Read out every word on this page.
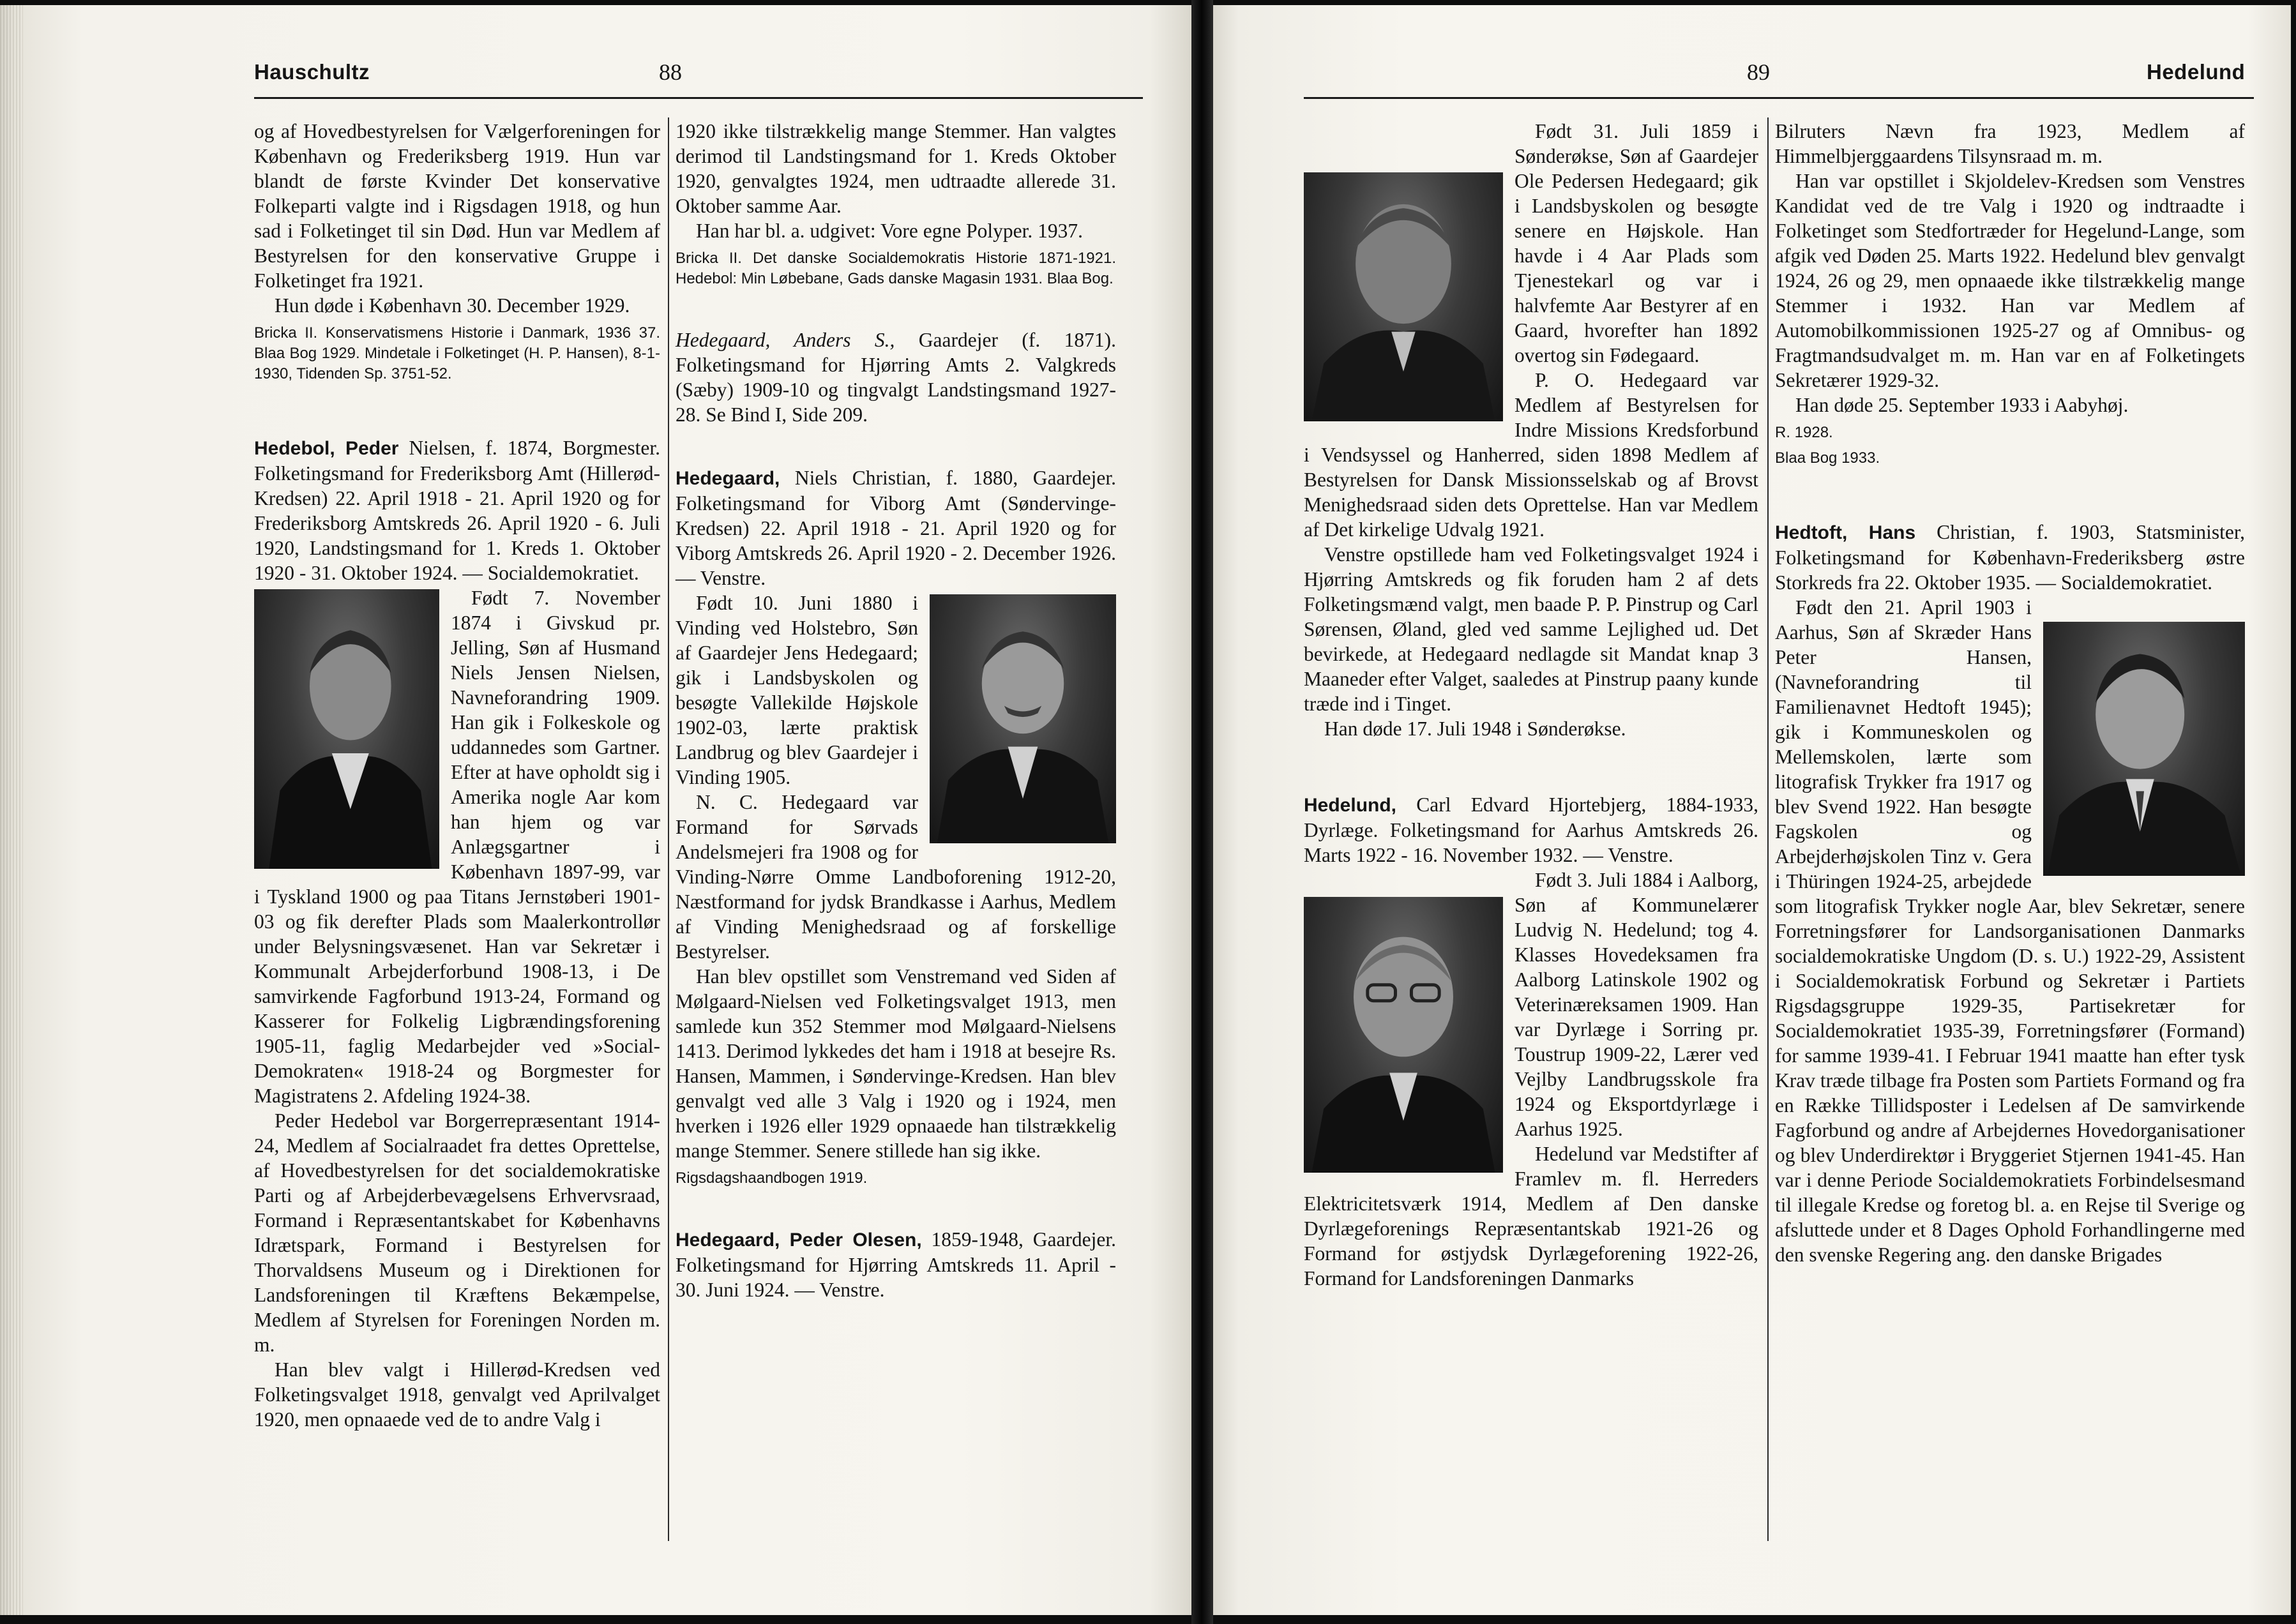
Hauschultz	88

og af Hovedbestyrelsen for Vælgerforeningen for København og Frederiksberg 1919. Hun var blandt de første Kvinder Det konservative Folkeparti valgte ind i Rigsdagen 1918, og hun sad i Folketinget til sin Død. Hun var Medlem af Bestyrelsen for den konservative Gruppe i Folketinget fra 1921.

Hun døde i København 30. December 1929.

Bricka II. Konservatismens Historie i Danmark, 1936 37. Blaa Bog 1929. Mindetale i Folketinget (H. P. Hansen), 8-1-1930, Tidenden Sp. 3751-52.

Hedebol, Peder Nielsen, f. 1874, Borgmester. Folketingsmand for Frederiksborg Amt (Hillerød-Kredsen) 22. April 1918 - 21. April 1920 og for Frederiksborg Amtskreds 26. April 1920 - 6. Juli 1920, Landstingsmand for 1. Kreds 1. Oktober 1920 - 31. Oktober 1924. — Socialdemokratiet.

Født 7. November 1874 i Givskud pr. Jelling, Søn af Husmand Niels Jensen Nielsen, Navneforandring 1909. Han gik i Folkeskole og uddannedes som Gartner. Efter at have opholdt sig i Amerika nogle Aar kom han hjem og var Anlægsgartner i København 1897-99, var i Tyskland 1900 og paa Titans Jernstøberi 1901-03 og fik derefter Plads som Maalerkontrollør under Belysningsvæsenet. Han var Sekretær i Kommunalt Arbejderforbund 1908-13, i De samvirkende Fagforbund 1913-24, Formand og Kasserer for Folkelig Ligbrændingsforening 1905-11, faglig Medarbejder ved »Social-Demokraten« 1918-24 og Borgmester for Magistratens 2. Afdeling 1924-38.

Peder Hedebol var Borgerrepræsentant 1914-24, Medlem af Socialraadet fra dettes Oprettelse, af Hovedbestyrelsen for det socialdemokratiske Parti og af Arbejderbevægelsens Erhvervsraad, Formand i Repræsentantskabet for Københavns Idrætspark, Formand i Bestyrelsen for Thorvaldsens Museum og i Direktionen for Landsforeningen til Kræftens Bekæmpelse, Medlem af Styrelsen for Foreningen Norden m. m.

Han blev valgt i Hillerød-Kredsen ved Folketingsvalget 1918, genvalgt ved Aprilvalget 1920, men opnaaede ved de to andre Valg i

1920 ikke tilstrækkelig mange Stemmer. Han valgtes derimod til Landstingsmand for 1. Kreds Oktober 1920, genvalgtes 1924, men udtraadte allerede 31. Oktober samme Aar.

Han har bl. a. udgivet: Vore egne Polyper. 1937.

Bricka II. Det danske Socialdemokratis Historie 1871-1921. Hedebol: Min Løbebane, Gads danske Magasin 1931. Blaa Bog.

Hedegaard, Anders S., Gaardejer (f. 1871). Folketingsmand for Hjørring Amts 2. Valgkreds (Sæby) 1909-10 og tingvalgt Landstingsmand 1927-28. Se Bind I, Side 209.

Hedegaard, Niels Christian, f. 1880, Gaardejer. Folketingsmand for Viborg Amt (Søndervinge-Kredsen) 22. April 1918 - 21. April 1920 og for Viborg Amtskreds 26. April 1920 - 2. December 1926. — Venstre.

Født 10. Juni 1880 i Vinding ved Holstebro, Søn af Gaardejer Jens Hedegaard; gik i Landsbyskolen og besøgte Vallekilde Højskole 1902-03, lærte praktisk Landbrug og blev Gaardejer i Vinding 1905.

N. C. Hedegaard var Formand for Sørvads Andelsmejeri fra 1908 og for Vinding-Nørre Omme Landboforening 1912-20, Næstformand for jydsk Brandkasse i Aarhus, Medlem af Vinding Menighedsraad og af forskellige Bestyrelser.

Han blev opstillet som Venstremand ved Siden af Mølgaard-Nielsen ved Folketingsvalget 1913, men samlede kun 352 Stemmer mod Mølgaard-Nielsens 1413. Derimod lykkedes det ham i 1918 at besejre Rs. Hansen, Mammen, i Søndervinge-Kredsen. Han blev genvalgt ved alle 3 Valg i 1920 og i 1924, men hverken i 1926 eller 1929 opnaaede han tilstrækkelig mange Stemmer. Senere stillede han sig ikke.

Rigsdagshaandbogen 1919.

Hedegaard, Peder Olesen, 1859-1948, Gaardejer. Folketingsmand for Hjørring Amtskreds 11. April - 30. Juni 1924. — Venstre.

89	Hedelund

Født 31. Juli 1859 i Sønderøkse, Søn af Gaardejer Ole Pedersen Hedegaard; gik i Landsbyskolen og besøgte senere en Højskole. Han havde i 4 Aar Plads som Tjenestekarl og var i halvfemte Aar Bestyrer af en Gaard, hvorefter han 1892 overtog sin Fødegaard.

P. O. Hedegaard var Medlem af Bestyrelsen for Indre Missions Kredsforbund i Vendsyssel og Hanherred, siden 1898 Medlem af Bestyrelsen for Dansk Missionsselskab og af Brovst Menighedsraad siden dets Oprettelse. Han var Medlem af Det kirkelige Udvalg 1921.

Venstre opstillede ham ved Folketingsvalget 1924 i Hjørring Amtskreds og fik foruden ham 2 af dets Folketingsmænd valgt, men baade P. P. Pinstrup og Carl Sørensen, Øland, gled ved samme Lejlighed ud. Det bevirkede, at Hedegaard nedlagde sit Mandat knap 3 Maaneder efter Valget, saaledes at Pinstrup paany kunde træde ind i Tinget.

Han døde 17. Juli 1948 i Sønderøkse.

Hedelund, Carl Edvard Hjortebjerg, 1884-1933, Dyrlæge. Folketingsmand for Aarhus Amtskreds 26. Marts 1922 - 16. November 1932. — Venstre.

Født 3. Juli 1884 i Aalborg, Søn af Kommunelærer Ludvig N. Hedelund; tog 4. Klasses Hovedeksamen fra Aalborg Latinskole 1902 og Veterinæreksamen 1909. Han var Dyrlæge i Sorring pr. Toustrup 1909-22, Lærer ved Vejlby Landbrugsskole fra 1924 og Eksportdyrlæge i Aarhus 1925.

Hedelund var Medstifter af Framlev m. fl. Herreders Elektricitetsværk 1914, Medlem af Den danske Dyrlægeforenings Repræsentantskab 1921-26 og Formand for østjydsk Dyrlægeforening 1922-26, Formand for Landsforeningen Danmarks

Bilruters Nævn fra 1923, Medlem af Himmelbjerggaardens Tilsynsraad m. m.

Han var opstillet i Skjoldelev-Kredsen som Venstres Kandidat ved de tre Valg i 1920 og indtraadte i Folketinget som Stedfortræder for Hegelund-Lange, som afgik ved Døden 25. Marts 1922. Hedelund blev genvalgt 1924, 26 og 29, men opnaaede ikke tilstrækkelig mange Stemmer i 1932. Han var Medlem af Automobilkommissionen 1925-27 og af Omnibus- og Fragtmandsudvalget m. m. Han var en af Folketingets Sekretærer 1929-32.

Han døde 25. September 1933 i Aabyhøj.

R. 1928.

Blaa Bog 1933.

Hedtoft, Hans Christian, f. 1903, Statsminister, Folketingsmand for København-Frederiksberg østre Storkreds fra 22. Oktober 1935. — Socialdemokratiet.

Født den 21. April 1903 i Aarhus, Søn af Skræder Hans Peter Hansen, (Navneforandring til Familienavnet Hedtoft 1945); gik i Kommuneskolen og Mellemskolen, lærte som litografisk Trykker fra 1917 og blev Svend 1922. Han besøgte Fagskolen og Arbejderhøjskolen Tinz v. Gera i Thüringen 1924-25, arbejdede som litografisk Trykker nogle Aar, blev Sekretær, senere Forretningsfører for Landsorganisationen Danmarks socialdemokratiske Ungdom (D. s. U.) 1922-29, Assistent i Socialdemokratisk Forbund og Sekretær i Partiets Rigsdagsgruppe 1929-35, Partisekretær for Socialdemokratiet 1935-39, Forretningsfører (Formand) for samme 1939-41. I Februar 1941 maatte han efter tysk Krav træde tilbage fra Posten som Partiets Formand og fra en Række Tillidsposter i Ledelsen af De samvirkende Fagforbund og andre af Arbejdernes Hovedorganisationer og blev Underdirektør i Bryggeriet Stjernen 1941-45. Han var i denne Periode Socialdemokratiets Forbindelsesmand til illegale Kredse og foretog bl. a. en Rejse til Sverige og afsluttede under et 8 Dages Ophold Forhandlingerne med den svenske Regering ang. den danske Brigades
